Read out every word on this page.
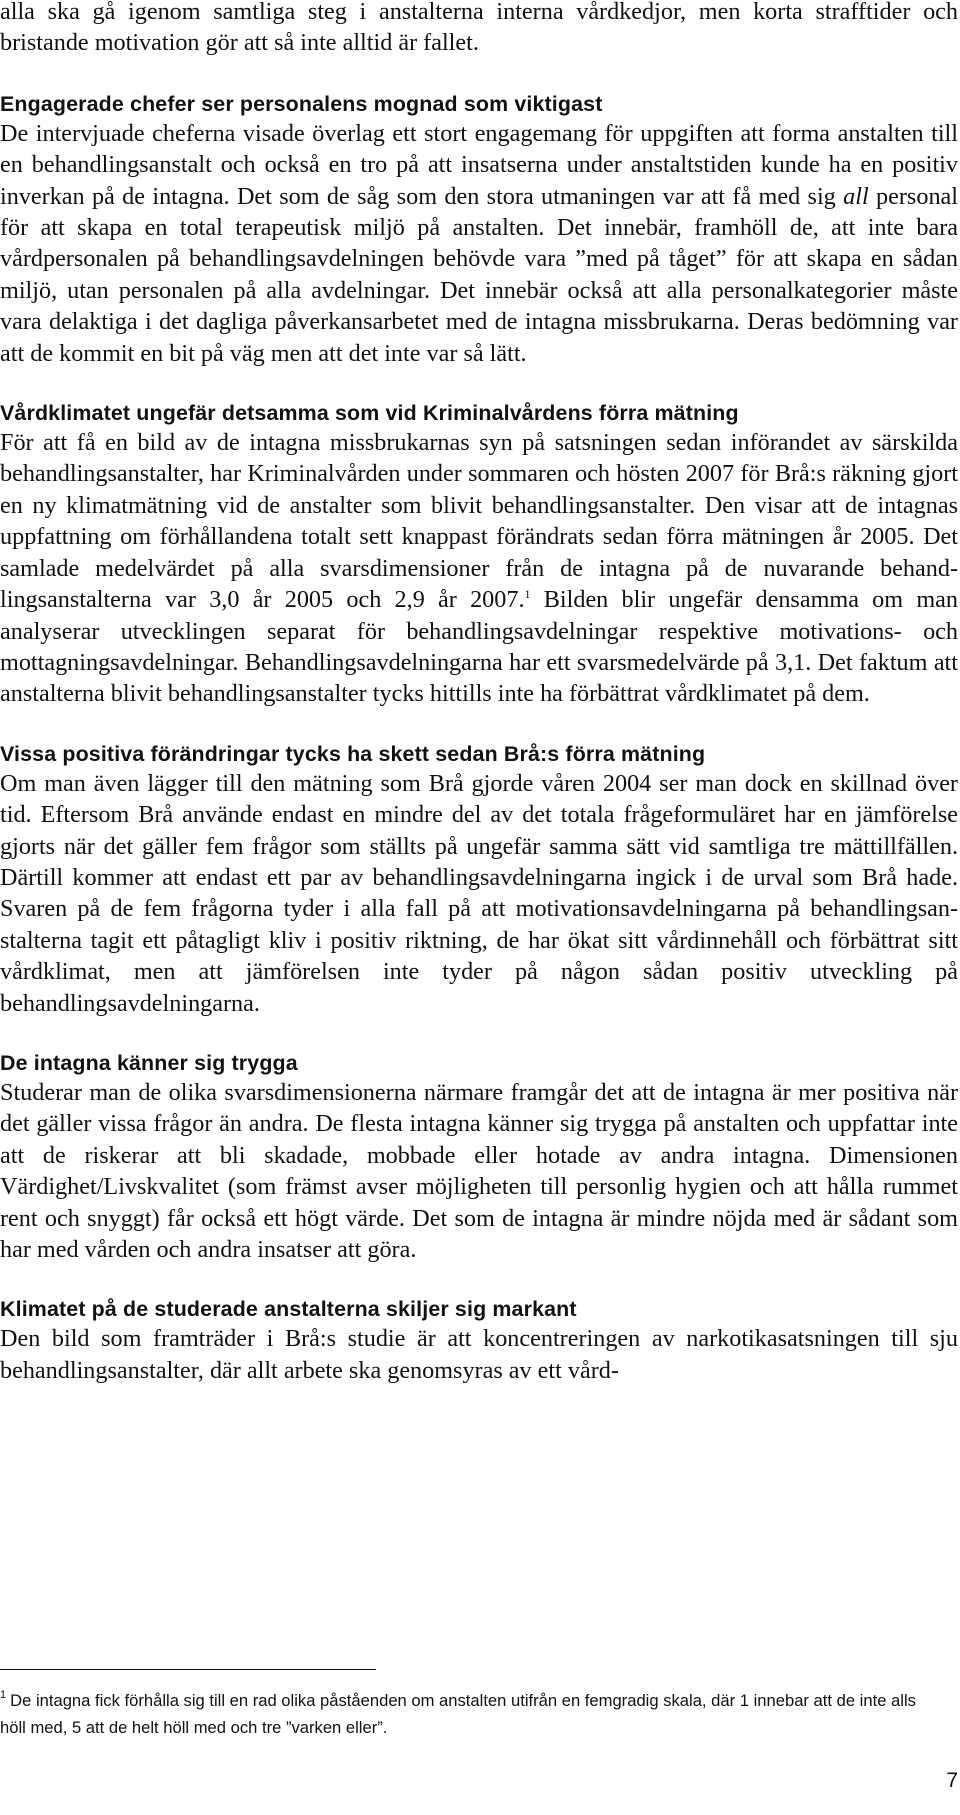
alla ska gå igenom samtliga steg i anstalterna interna vårdkedjor, men korta strafftider och bristande motivation gör att så inte alltid är fallet.

Engagerade chefer ser personalens mognad som viktigast

De intervjuade cheferna visade överlag ett stort engagemang för uppgiften att forma anstalten till en behandlingsanstalt och också en tro på att insatserna under anstaltstiden kunde ha en positiv inverkan på de intagna. Det som de såg som den stora utmaningen var att få med sig all personal för att skapa en total terapeutisk miljö på anstalten. Det innebär, framhöll de, att inte bara vårdpersonalen på behandlingsavdelningen behövde vara ”med på tåget” för att skapa en sådan miljö, utan personalen på alla avdelningar. Det innebär också att alla personalkategorier måste vara delaktiga i det dagliga påverkansarbetet med de intagna missbrukarna. Deras bedömning var att de kommit en bit på väg men att det inte var så lätt.

Vårdklimatet ungefär detsamma som vid Kriminalvårdens förra mätning

För att få en bild av de intagna missbrukarnas syn på satsningen sedan införandet av särskilda behandlingsanstalter, har Kriminalvården under sommaren och hösten 2007 för Brå:s räkning gjort en ny klimatmätning vid de anstalter som blivit behandlingsanstalter. Den visar att de intagnas uppfattning om förhållandena totalt sett knappast förändrats sedan förra mätningen år 2005. Det samlade medelvärdet på alla svarsdimensioner från de intagna på de nuvarande behandlingsanstalterna var 3,0 år 2005 och 2,9 år 2007.$^1$ Bilden blir ungefär densamma om man analyserar utvecklingen separat för behandlingsavdelningar respektive motivations- och mottagningsavdelningar. Behandlingsavdelningarna har ett svarsmedelvärde på 3,1. Det faktum att anstalterna blivit behandlingsanstalter tycks hittills inte ha förbättrat vårdklimatet på dem.

Vissa positiva förändringar tycks ha skett sedan Brå:s förra mätning

Om man även lägger till den mätning som Brå gjorde våren 2004 ser man dock en skillnad över tid. Eftersom Brå använde endast en mindre del av det totala frågeformuläret har en jämförelse gjorts när det gäller fem frågor som ställts på ungefär samma sätt vid samtliga tre mättillfällen. Därtill kommer att endast ett par av behandlingsavdelningarna ingick i de urval som Brå hade. Svaren på de fem frågorna tyder i alla fall på att motivationsavdelningarna på behandlingsanstalterna tagit ett påtagligt kliv i positiv riktning, de har ökat sitt vårdinnehåll och förbättrat sitt vårdklimat, men att jämförelsen inte tyder på någon sådan positiv utveckling på behandlingsavdelningarna.

De intagna känner sig trygga

Studerar man de olika svarsdimensionerna närmare framgår det att de intagna är mer positiva när det gäller vissa frågor än andra. De flesta intagna känner sig trygga på anstalten och uppfattar inte att de riskerar att bli skadade, mobbade eller hotade av andra intagna. Dimensionen Värdighet/Livskvalitet (som främst avser möjligheten till personlig hygien och att hålla rummet rent och snyggt) får också ett högt värde. Det som de intagna är mindre nöjda med är sådant som har med vården och andra insatser att göra.

Klimatet på de studerade anstalterna skiljer sig markant

Den bild som framträder i Brå:s studie är att koncentreringen av narkotikasatsningen till sju behandlingsanstalter, där allt arbete ska genomsyras av ett vård-

$^1$ De intagna fick förhålla sig till en rad olika påståenden om anstalten utifrån en femgradig skala, där 1 innebar att de inte alls höll med, 5 att de helt höll med och tre ”varken eller”.

7
